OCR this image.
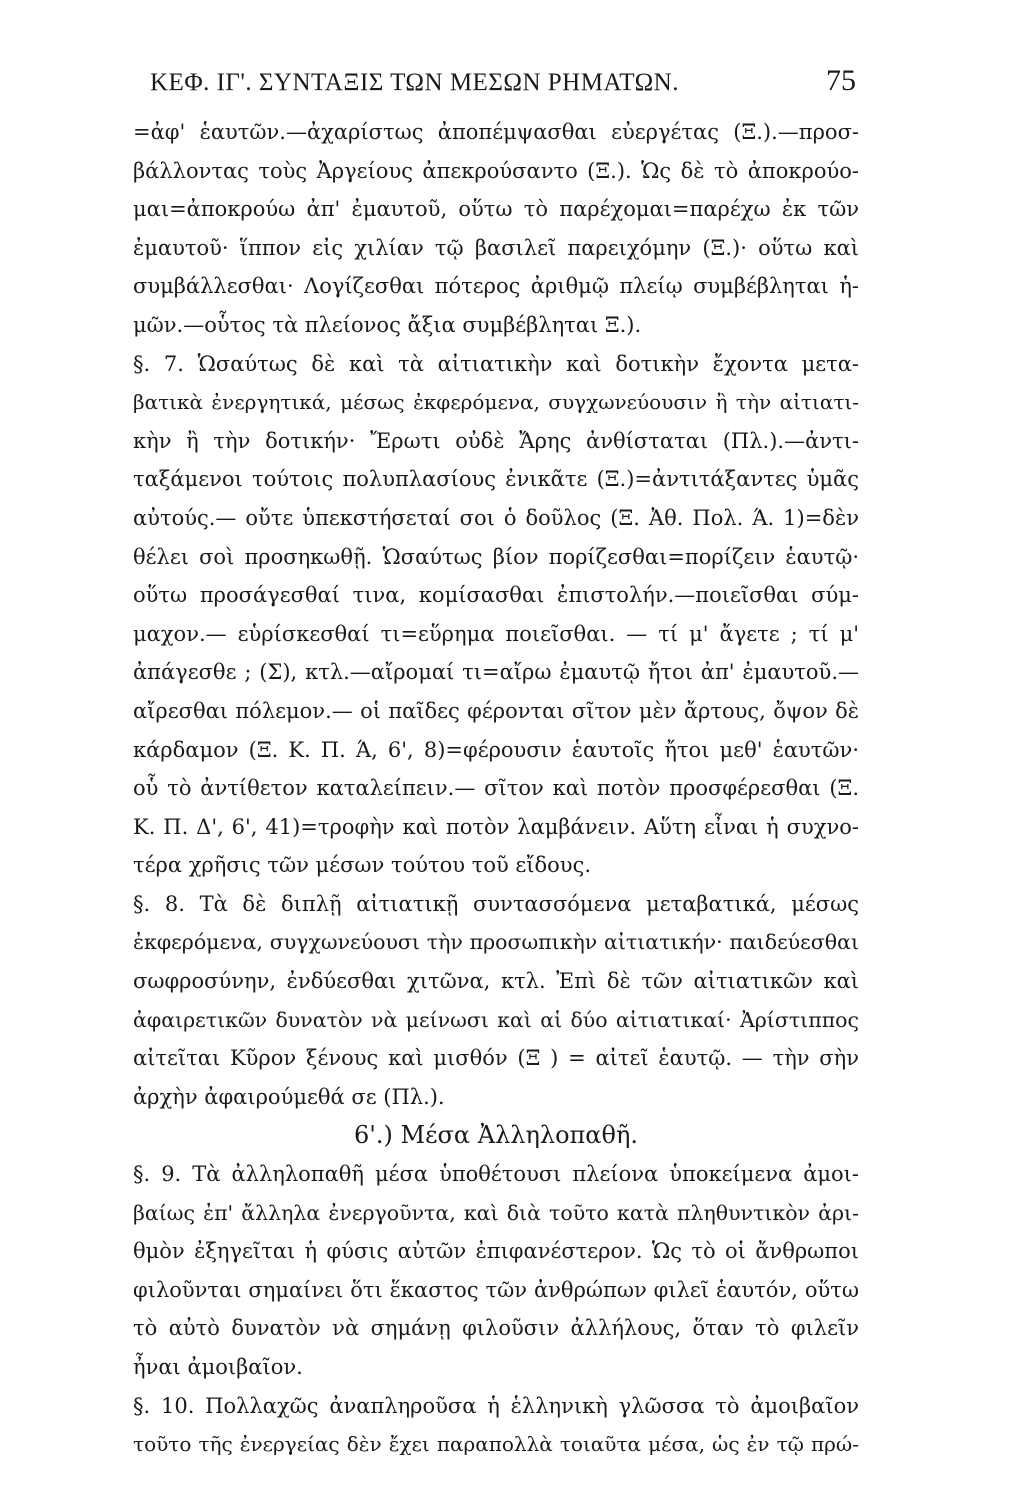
ΚΕΦ. ΙΓ'. ΣΥΝΤΑΞΙΣ ΤΩΝ ΜΕΣΩΝ ΡΗΜΑΤΩΝ.	75
=ἀφ' ἑαυτῶν.—ἀχαρίστως ἀποπέμψασθαι εὐεργέτας (Ξ.).—προσ-
βάλλοντας τοὺς Ἀργείους ἀπεκρούσαντο (Ξ.). Ὡς δὲ τὸ ἀποκρούο-
μαι=ἀποκρούω ἀπ' ἐμαυτοῦ, οὕτω τὸ παρέχομαι=παρέχω ἐκ τῶν
ἐμαυτοῦ· ἵππον εἰς χιλίαν τῷ βασιλεῖ παρειχόμην (Ξ.)· οὕτω καὶ
συμβάλλεσθαι· Λογίζεσθαι πότερος ἀριθμῷ πλείῳ συμβέβληται ἡ-
μῶν.—οὗτος τὰ πλείονος ἄξια συμβέβληται Ξ.).
§. 7. Ὡσαύτως δὲ καὶ τὰ αἰτιατικὴν καὶ δοτικὴν ἔχοντα μετα-
βατικὰ ἐνεργητικά, μέσως ἐκφερόμενα, συγχωνεύουσιν ἢ τὴν αἰτιατι-
κὴν ἢ τὴν δοτικήν· Ἔρωτι οὐδὲ Ἄρης ἀνθίσταται (Πλ.).—ἀντι-
ταξάμενοι τούτοις πολυπλασίους ἐνικᾶτε (Ξ.)=ἀντιτάξαντες ὑμᾶς
αὐτούς.— οὔτε ὑπεκστήσεταί σοι ὁ δοῦλος (Ξ. Ἀθ. Πολ. Ά. 1)=δὲν
θέλει σοὶ προσηκωθῇ. Ὡσαύτως βίον πορίζεσθαι=πορίζειν ἑαυτῷ·
οὕτω προσάγεσθαί τινα, κομίσασθαι ἐπιστολήν.—ποιεῖσθαι σύμ-
μαχον.— εὑρίσκεσθαί τι=εὕρημα ποιεῖσθαι. — τί μ' ἄγετε ; τί μ'
ἀπάγεσθε ; (Σ), κτλ.—αἴρομαί τι=αἴρω ἐμαυτῷ ἤτοι ἀπ' ἐμαυτοῦ.—
αἴρεσθαι πόλεμον.— οἱ παῖδες φέρονται σῖτον μὲν ἄρτους, ὄψον δὲ
κάρδαμον (Ξ. Κ. Π. Ά, 6', 8)=φέρουσιν ἑαυτοῖς ἤτοι μεθ' ἑαυτῶν·
οὗ τὸ ἀντίθετον καταλείπειν.— σῖτον καὶ ποτὸν προσφέρεσθαι (Ξ.
Κ. Π. Δ', 6', 41)=τροφὴν καὶ ποτὸν λαμβάνειν. Αὕτη εἶναι ἡ συχνο-
τέρα χρῆσις τῶν μέσων τούτου τοῦ εἴδους.
§. 8. Τὰ δὲ διπλῇ αἰτιατικῇ συντασσόμενα μεταβατικά, μέσως
ἐκφερόμενα, συγχωνεύουσι τὴν προσωπικὴν αἰτιατικήν· παιδεύεσθαι
σωφροσύνην, ἐνδύεσθαι χιτῶνα, κτλ. Ἐπὶ δὲ τῶν αἰτιατικῶν καὶ
ἀφαιρετικῶν δυνατὸν νὰ μείνωσι καὶ αἱ δύο αἰτιατικαί· Ἀρίστιππος
αἰτεῖται Κῦρον ξένους καὶ μισθόν (Ξ ) = αἰτεῖ ἑαυτῷ. — τὴν σὴν
ἀρχὴν ἀφαιρούμεθά σε (Πλ.).
6'.) Μέσα Ἀλληλοπαθῆ.
§. 9. Τὰ ἀλληλοπαθῆ μέσα ὑποθέτουσι πλείονα ὑποκείμενα ἀμοι-
βαίως ἐπ' ἄλληλα ἐνεργοῦντα, καὶ διὰ τοῦτο κατὰ πληθυντικὸν ἀρι-
θμὸν ἐξηγεῖται ἡ φύσις αὐτῶν ἐπιφανέστερον. Ὡς τὸ οἱ ἄνθρωποι
φιλοῦνται σημαίνει ὅτι ἕκαστος τῶν ἀνθρώπων φιλεῖ ἑαυτόν, οὕτω
τὸ αὐτὸ δυνατὸν νὰ σημάνῃ φιλοῦσιν ἀλλήλους, ὅταν τὸ φιλεῖν
ἦναι ἀμοιβαῖον.
§. 10. Πολλαχῶς ἀναπληροῦσα ἡ ἑλληνικὴ γλῶσσα τὸ ἀμοιβαῖον
τοῦτο τῆς ἐνεργείας δὲν ἔχει παραπολλὰ τοιαῦτα μέσα, ὡς ἐν τῷ πρώ-
